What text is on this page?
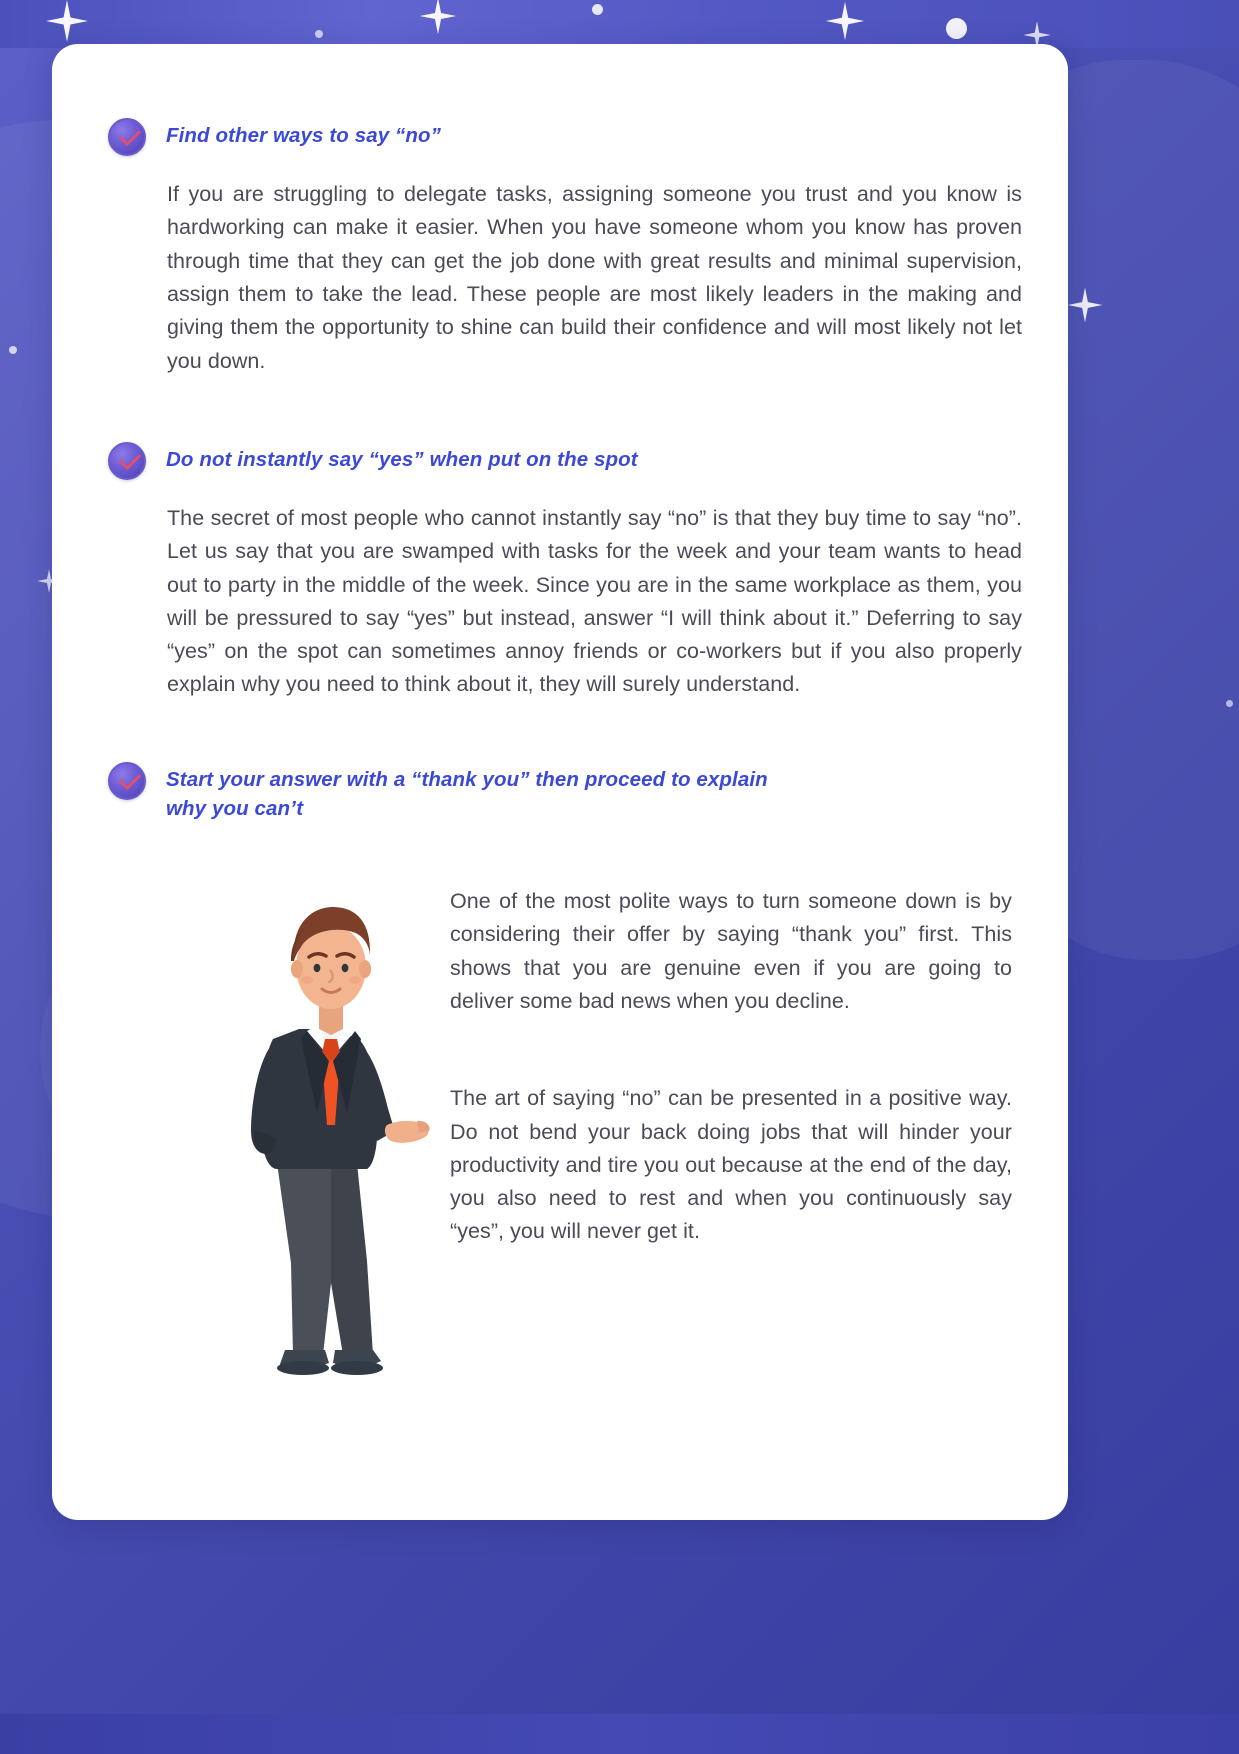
Find other ways to say “no”
If you are struggling to delegate tasks, assigning someone you trust and you know is hardworking can make it easier. When you have someone whom you know has proven through time that they can get the job done with great results and minimal supervision, assign them to take the lead. These people are most likely leaders in the making and giving them the opportunity to shine can build their confidence and will most likely not let you down.
Do not instantly say “yes” when put on the spot
The secret of most people who cannot instantly say “no” is that they buy time to say “no”. Let us say that you are swamped with tasks for the week and your team wants to head out to party in the middle of the week. Since you are in the same workplace as them, you will be pressured to say “yes” but instead, answer “I will think about it.” Deferring to say “yes” on the spot can sometimes annoy friends or co-workers but if you also properly explain why you need to think about it, they will surely understand.
Start your answer with a “thank you” then proceed to explain why you can’t
One of the most polite ways to turn someone down is by considering their offer by saying “thank you” first. This shows that you are genuine even if you are going to deliver some bad news when you decline.
The art of saying “no” can be presented in a positive way. Do not bend your back doing jobs that will hinder your productivity and tire you out because at the end of the day, you also need to rest and when you continuously say “yes”, you will never get it.
